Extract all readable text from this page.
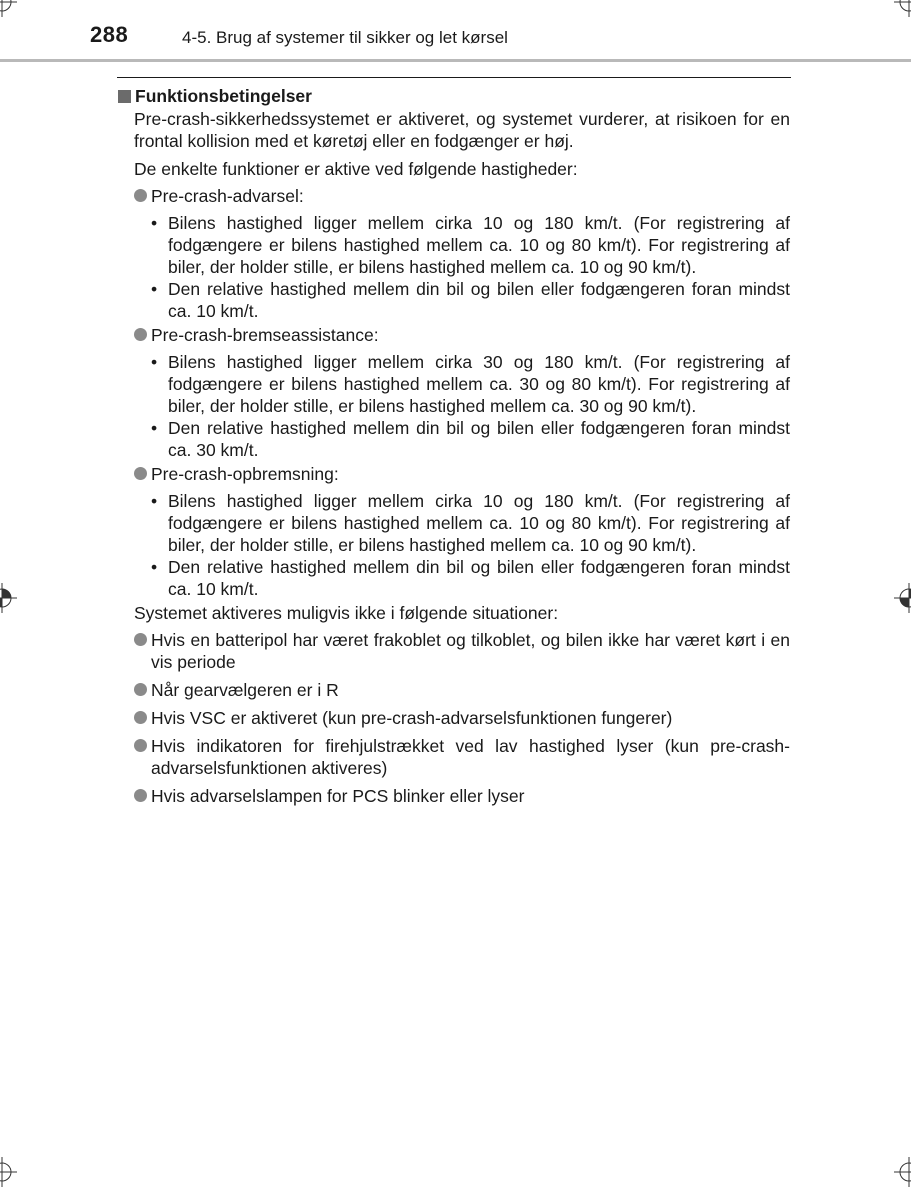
288	4-5. Brug af systemer til sikker og let kørsel
Funktionsbetingelser
Pre-crash-sikkerhedssystemet er aktiveret, og systemet vurderer, at risikoen for en frontal kollision med et køretøj eller en fodgænger er høj.
De enkelte funktioner er aktive ved følgende hastigheder:
Pre-crash-advarsel:
• Bilens hastighed ligger mellem cirka 10 og 180 km/t. (For registrering af fodgængere er bilens hastighed mellem ca. 10 og 80 km/t). For registrering af biler, der holder stille, er bilens hastighed mellem ca. 10 og 90 km/t).
• Den relative hastighed mellem din bil og bilen eller fodgængeren foran mindst ca. 10 km/t.
Pre-crash-bremseassistance:
• Bilens hastighed ligger mellem cirka 30 og 180 km/t. (For registrering af fodgængere er bilens hastighed mellem ca. 30 og 80 km/t). For registrering af biler, der holder stille, er bilens hastighed mellem ca. 30 og 90 km/t).
• Den relative hastighed mellem din bil og bilen eller fodgængeren foran mindst ca. 30 km/t.
Pre-crash-opbremsning:
• Bilens hastighed ligger mellem cirka 10 og 180 km/t. (For registrering af fodgængere er bilens hastighed mellem ca. 10 og 80 km/t). For registrering af biler, der holder stille, er bilens hastighed mellem ca. 10 og 90 km/t).
• Den relative hastighed mellem din bil og bilen eller fodgængeren foran mindst ca. 10 km/t.
Systemet aktiveres muligvis ikke i følgende situationer:
Hvis en batteripol har været frakoblet og tilkoblet, og bilen ikke har været kørt i en vis periode
Når gearvælgeren er i R
Hvis VSC er aktiveret (kun pre-crash-advarselsfunktionen fungerer)
Hvis indikatoren for firehjulstrækket ved lav hastighed lyser (kun pre-crash-advarselsfunktionen aktiveres)
Hvis advarselslampen for PCS blinker eller lyser
